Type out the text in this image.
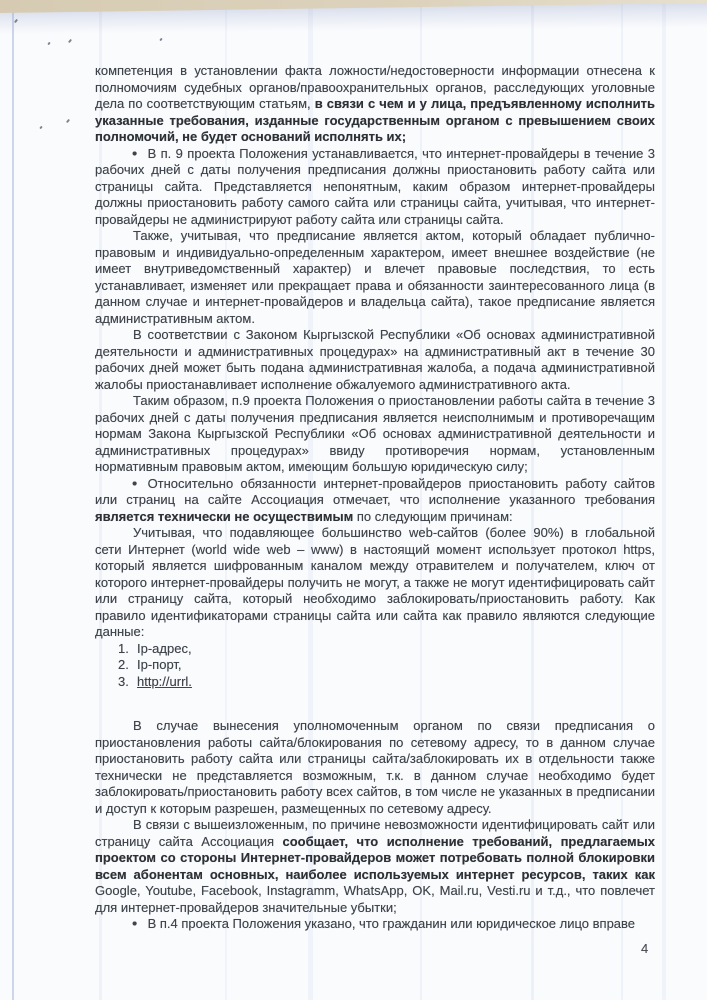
компетенция в установлении факта ложности/недостоверности информации отнесена к полномочиям судебных органов/правоохранительных органов, расследующих уголовные дела по соответствующим статьям, в связи с чем и у лица, предъявленному исполнить указанные требования, изданные государственным органом с превышением своих полномочий, не будет оснований исполнять их;

• В п. 9 проекта Положения устанавливается, что интернет-провайдеры в течение 3 рабочих дней с даты получения предписания должны приостановить работу сайта или страницы сайта. Представляется непонятным, каким образом интернет-провайдеры должны приостановить работу самого сайта или страницы сайта, учитывая, что интернет-провайдеры не администрируют работу сайта или страницы сайта.

Также, учитывая, что предписание является актом, который обладает публично-правовым и индивидуально-определенным характером, имеет внешнее воздействие (не имеет внутриведомственный характер) и влечет правовые последствия, то есть устанавливает, изменяет или прекращает права и обязанности заинтересованного лица (в данном случае и интернет-провайдеров и владельца сайта), такое предписание является административным актом.

В соответствии с Законом Кыргызской Республики «Об основах административной деятельности и административных процедурах» на административный акт в течение 30 рабочих дней может быть подана административная жалоба, а подача административной жалобы приостанавливает исполнение обжалуемого административного акта.

Таким образом, п.9 проекта Положения о приостановлении работы сайта в течение 3 рабочих дней с даты получения предписания является неисполнимым и противоречащим нормам Закона Кыргызской Республики «Об основах административной деятельности и административных процедурах» ввиду противоречия нормам, установленным нормативным правовым актом, имеющим большую юридическую силу;

• Относительно обязанности интернет-провайдеров приостановить работу сайтов или страниц на сайте Ассоциация отмечает, что исполнение указанного требования является технически не осуществимым по следующим причинам:

Учитывая, что подавляющее большинство web-сайтов (более 90%) в глобальной сети Интернет (world wide web – www) в настоящий момент использует протокол https, который является шифрованным каналом между отравителем и получателем, ключ от которого интернет-провайдеры получить не могут, а также не могут идентифицировать сайт или страницу сайта, который необходимо заблокировать/приостановить работу. Как правило идентификаторами страницы сайта или сайта как правило являются следующие данные:

1. Ip-адрес,
2. Ip-порт,
3. http://urrl.

В случае вынесения уполномоченным органом по связи предписания о приостановления работы сайта/блокирования по сетевому адресу, то в данном случае приостановить работу сайта или страницы сайта/заблокировать их в отдельности также технически не представляется возможным, т.к. в данном случае необходимо будет заблокировать/приостановить работу всех сайтов, в том числе не указанных в предписании и доступ к которым разрешен, размещенных по сетевому адресу.

В связи с вышеизложенным, по причине невозможности идентифицировать сайт или страницу сайта Ассоциация сообщает, что исполнение требований, предлагаемых проектом со стороны Интернет-провайдеров может потребовать полной блокировки всем абонентам основных, наиболее используемых интернет ресурсов, таких как Google, Youtube, Facebook, Instagramm, WhatsApp, OK, Mail.ru, Vesti.ru и т.д., что повлечет для интернет-провайдеров значительные убытки;

• В п.4 проекта Положения указано, что гражданин или юридическое лицо вправе

4
